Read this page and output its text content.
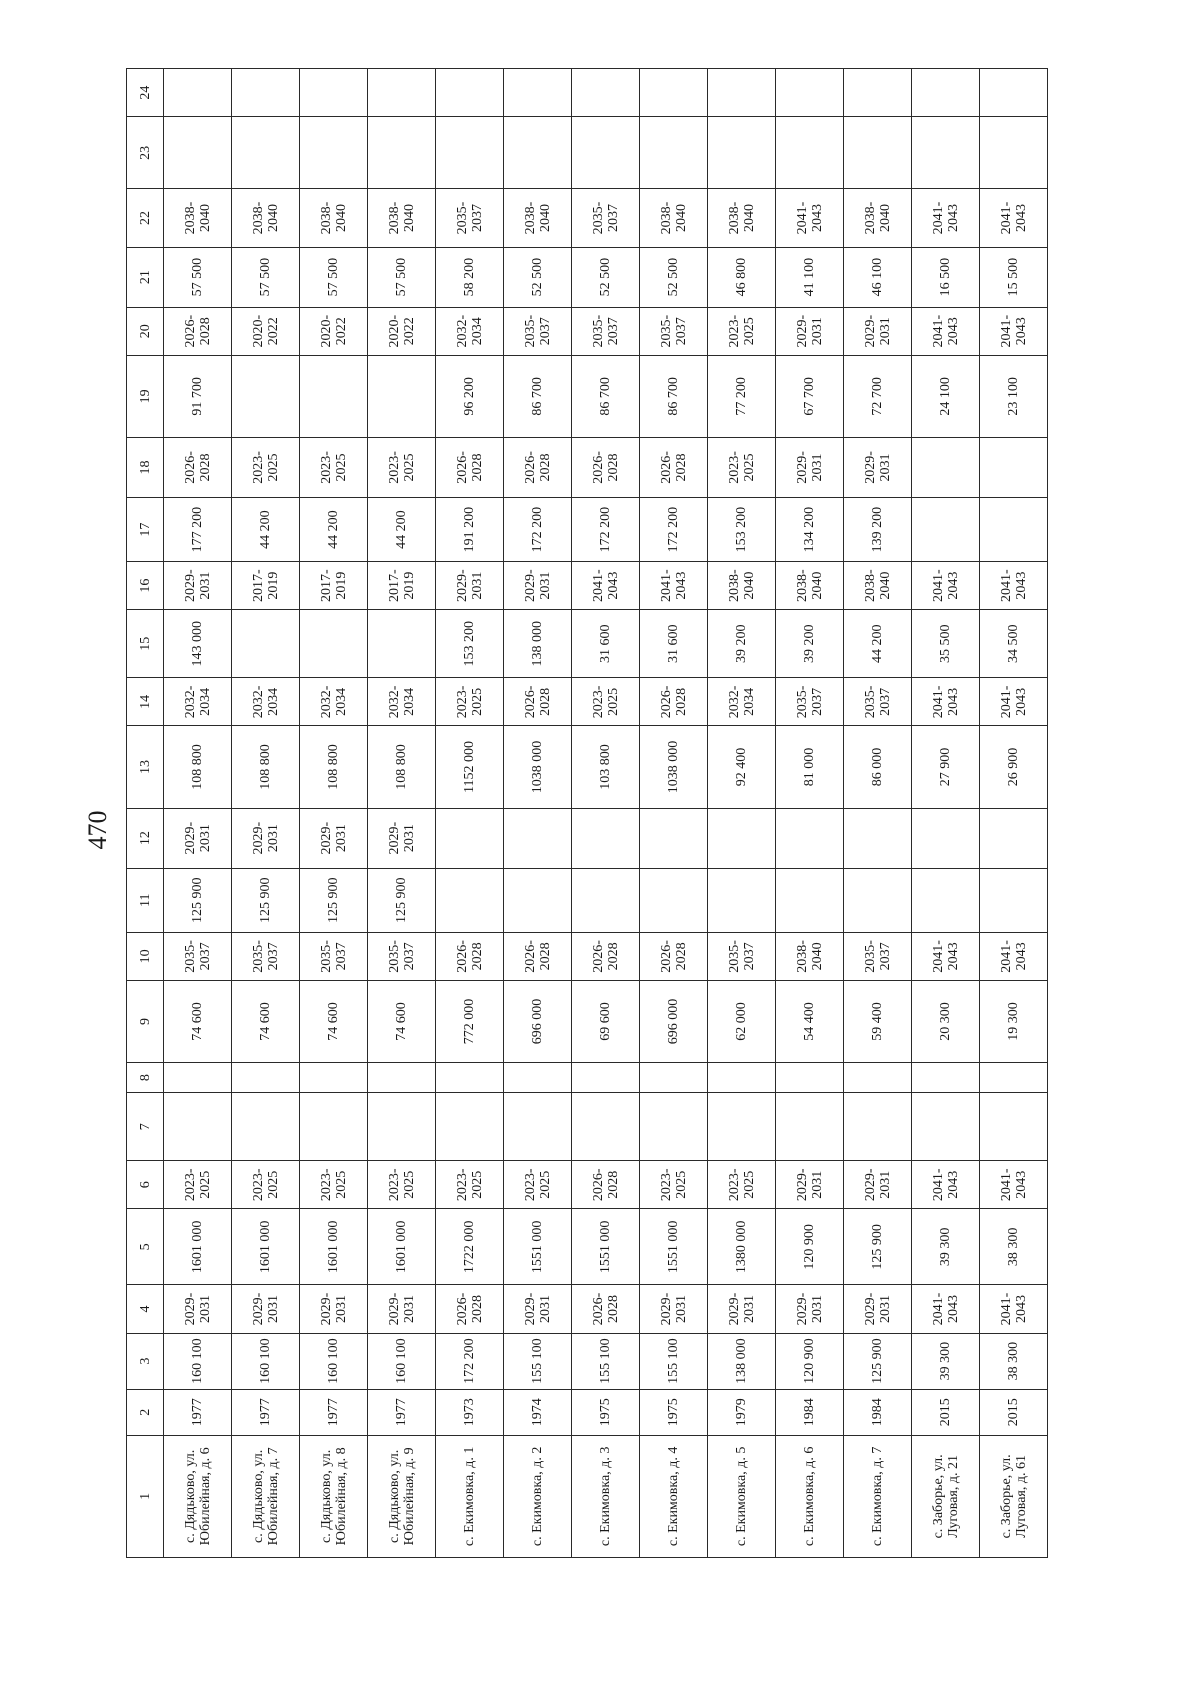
470
1	2	3	4	5	6	7	8	9	10	11	12	13	14	15	16	17	18	19	20	21	22	23	24
с. Дядьково, ул. Юбилейная, д. 6	1977	160 100	2029-2031	1601 000	2023-2025			74 600	2035-2037	125 900	2029-2031	108 800	2032-2034	143 000	2029-2031	177 200	2026-2028	91 700	2026-2028	57 500	2038-2040		
с. Дядьково, ул. Юбилейная, д. 7	1977	160 100	2029-2031	1601 000	2023-2025			74 600	2035-2037	125 900	2029-2031	108 800	2032-2034		2017-2019	44 200	2023-2025		2020-2022	57 500	2038-2040		
с. Дядьково, ул. Юбилейная, д. 8	1977	160 100	2029-2031	1601 000	2023-2025			74 600	2035-2037	125 900	2029-2031	108 800	2032-2034		2017-2019	44 200	2023-2025		2020-2022	57 500	2038-2040		
с. Дядьково, ул. Юбилейная, д. 9	1977	160 100	2029-2031	1601 000	2023-2025			74 600	2035-2037	125 900	2029-2031	108 800	2032-2034		2017-2019	44 200	2023-2025		2020-2022	57 500	2038-2040		
с. Екимовка, д. 1	1973	172 200	2026-2028	1722 000	2023-2025			772 000	2026-2028			1152 000	2023-2025	153 200	2029-2031	191 200	2026-2028	96 200	2032-2034	58 200	2035-2037		
с. Екимовка, д. 2	1974	155 100	2029-2031	1551 000	2023-2025			696 000	2026-2028			1038 000	2026-2028	138 000	2029-2031	172 200	2026-2028	86 700	2035-2037	52 500	2038-2040		
с. Екимовка, д. 3	1975	155 100	2026-2028	1551 000	2026-2028			69 600	2026-2028			103 800	2023-2025	31 600	2041-2043	172 200	2026-2028	86 700	2035-2037	52 500	2035-2037		
с. Екимовка, д. 4	1975	155 100	2029-2031	1551 000	2023-2025			696 000	2026-2028			1038 000	2026-2028	31 600	2041-2043	172 200	2026-2028	86 700	2035-2037	52 500	2038-2040		
с. Екимовка, д. 5	1979	138 000	2029-2031	1380 000	2023-2025			62 000	2035-2037			92 400	2032-2034	39 200	2038-2040	153 200	2023-2025	77 200	2023-2025	46 800	2038-2040		
с. Екимовка, д. 6	1984	120 900	2029-2031	120 900	2029-2031			54 400	2038-2040			81 000	2035-2037	39 200	2038-2040	134 200	2029-2031	67 700	2029-2031	41 100	2041-2043		
с. Екимовка, д. 7	1984	125 900	2029-2031	125 900	2029-2031			59 400	2035-2037			86 000	2035-2037	44 200	2038-2040	139 200	2029-2031	72 700	2029-2031	46 100	2038-2040		
с. Заборье, ул. Луговая, д. 21	2015	39 300	2041-2043	39 300	2041-2043			20 300	2041-2043			27 900	2041-2043	35 500	2041-2043			24 100	2041-2043	16 500	2041-2043		
с. Заборье, ул. Луговая, д. 61	2015	38 300	2041-2043	38 300	2041-2043			19 300	2041-2043			26 900	2041-2043	34 500	2041-2043			23 100	2041-2043	15 500	2041-2043		
